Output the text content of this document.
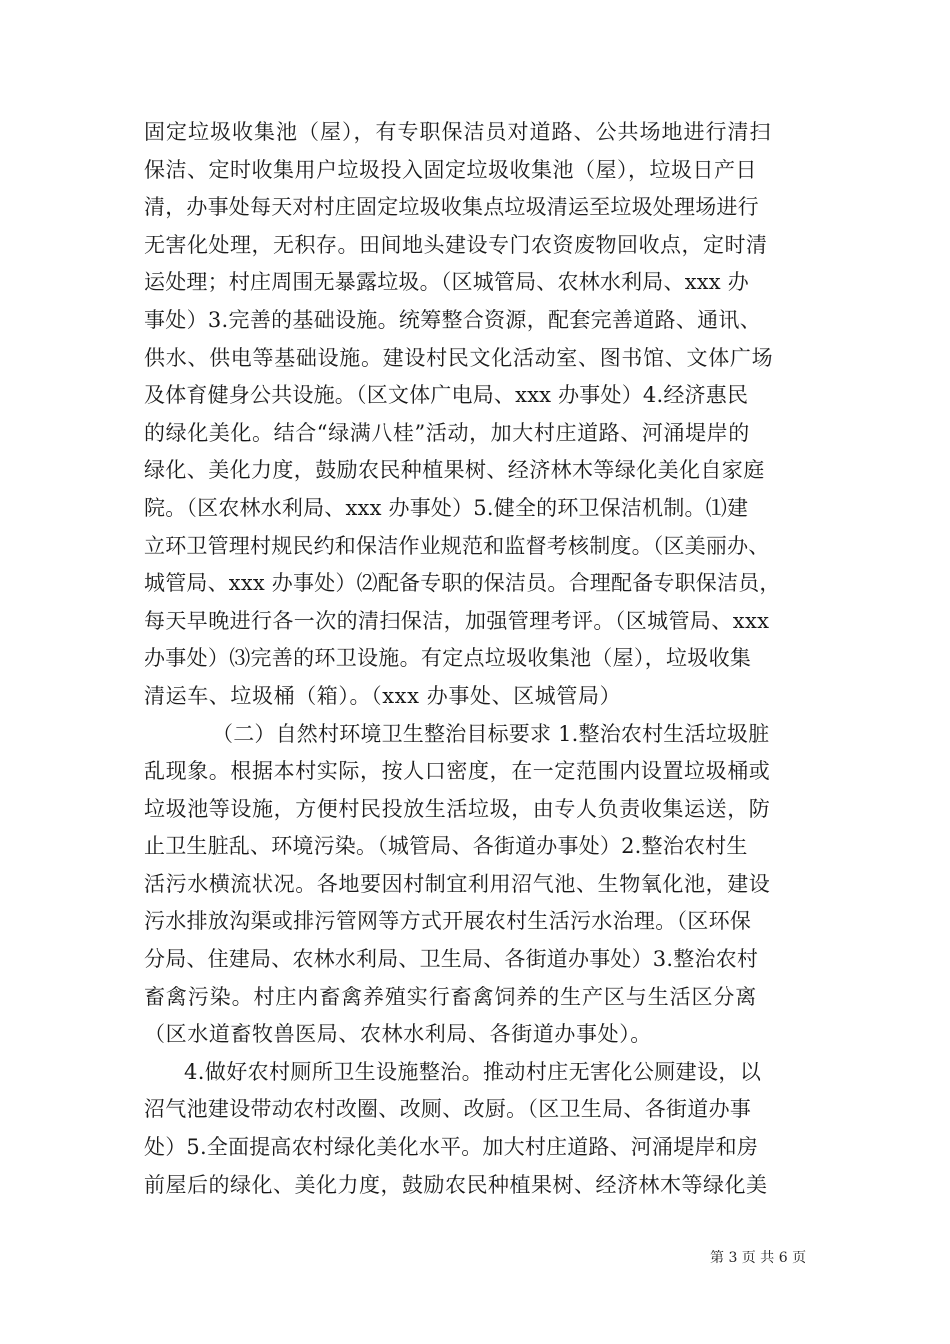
固定垃圾收集池（屋），有专职保洁员对道路、公共场地进行清扫
保洁、定时收集用户垃圾投入固定垃圾收集池（屋），垃圾日产日
清，办事处每天对村庄固定垃圾收集点垃圾清运至垃圾处理场进行
无害化处理，无积存。田间地头建设专门农资废物回收点，定时清
运处理；村庄周围无暴露垃圾。（区城管局、农林水利局、xxx 办
事处）3.完善的基础设施。统筹整合资源，配套完善道路、通讯、
供水、供电等基础设施。建设村民文化活动室、图书馆、文体广场
及体育健身公共设施。（区文体广电局、xxx 办事处）4.经济惠民
的绿化美化。结合“绿满八桂”活动，加大村庄道路、河涌堤岸的
绿化、美化力度，鼓励农民种植果树、经济林木等绿化美化自家庭
院。（区农林水利局、xxx 办事处）5.健全的环卫保洁机制。⑴建
立环卫管理村规民约和保洁作业规范和监督考核制度。（区美丽办、
城管局、xxx 办事处）⑵配备专职的保洁员。合理配备专职保洁员，
每天早晚进行各一次的清扫保洁，加强管理考评。（区城管局、xxx
办事处）⑶完善的环卫设施。有定点垃圾收集池（屋），垃圾收集
清运车、垃圾桶（箱）。（xxx 办事处、区城管局）
（二）自然村环境卫生整治目标要求 1.整治农村生活垃圾脏
乱现象。根据本村实际，按人口密度，在一定范围内设置垃圾桶或
垃圾池等设施，方便村民投放生活垃圾，由专人负责收集运送，防
止卫生脏乱、环境污染。（城管局、各街道办事处）2.整治农村生
活污水横流状况。各地要因村制宜利用沼气池、生物氧化池，建设
污水排放沟渠或排污管网等方式开展农村生活污水治理。（区环保
分局、住建局、农林水利局、卫生局、各街道办事处）3.整治农村
畜禽污染。村庄内畜禽养殖实行畜禽饲养的生产区与生活区分离
（区水道畜牧兽医局、农林水利局、各街道办事处）。
4.做好农村厕所卫生设施整治。推动村庄无害化公厕建设，以
沼气池建设带动农村改圈、改厕、改厨。（区卫生局、各街道办事
处）5.全面提高农村绿化美化水平。加大村庄道路、河涌堤岸和房
前屋后的绿化、美化力度，鼓励农民种植果树、经济林木等绿化美
第 3 页 共 6 页
